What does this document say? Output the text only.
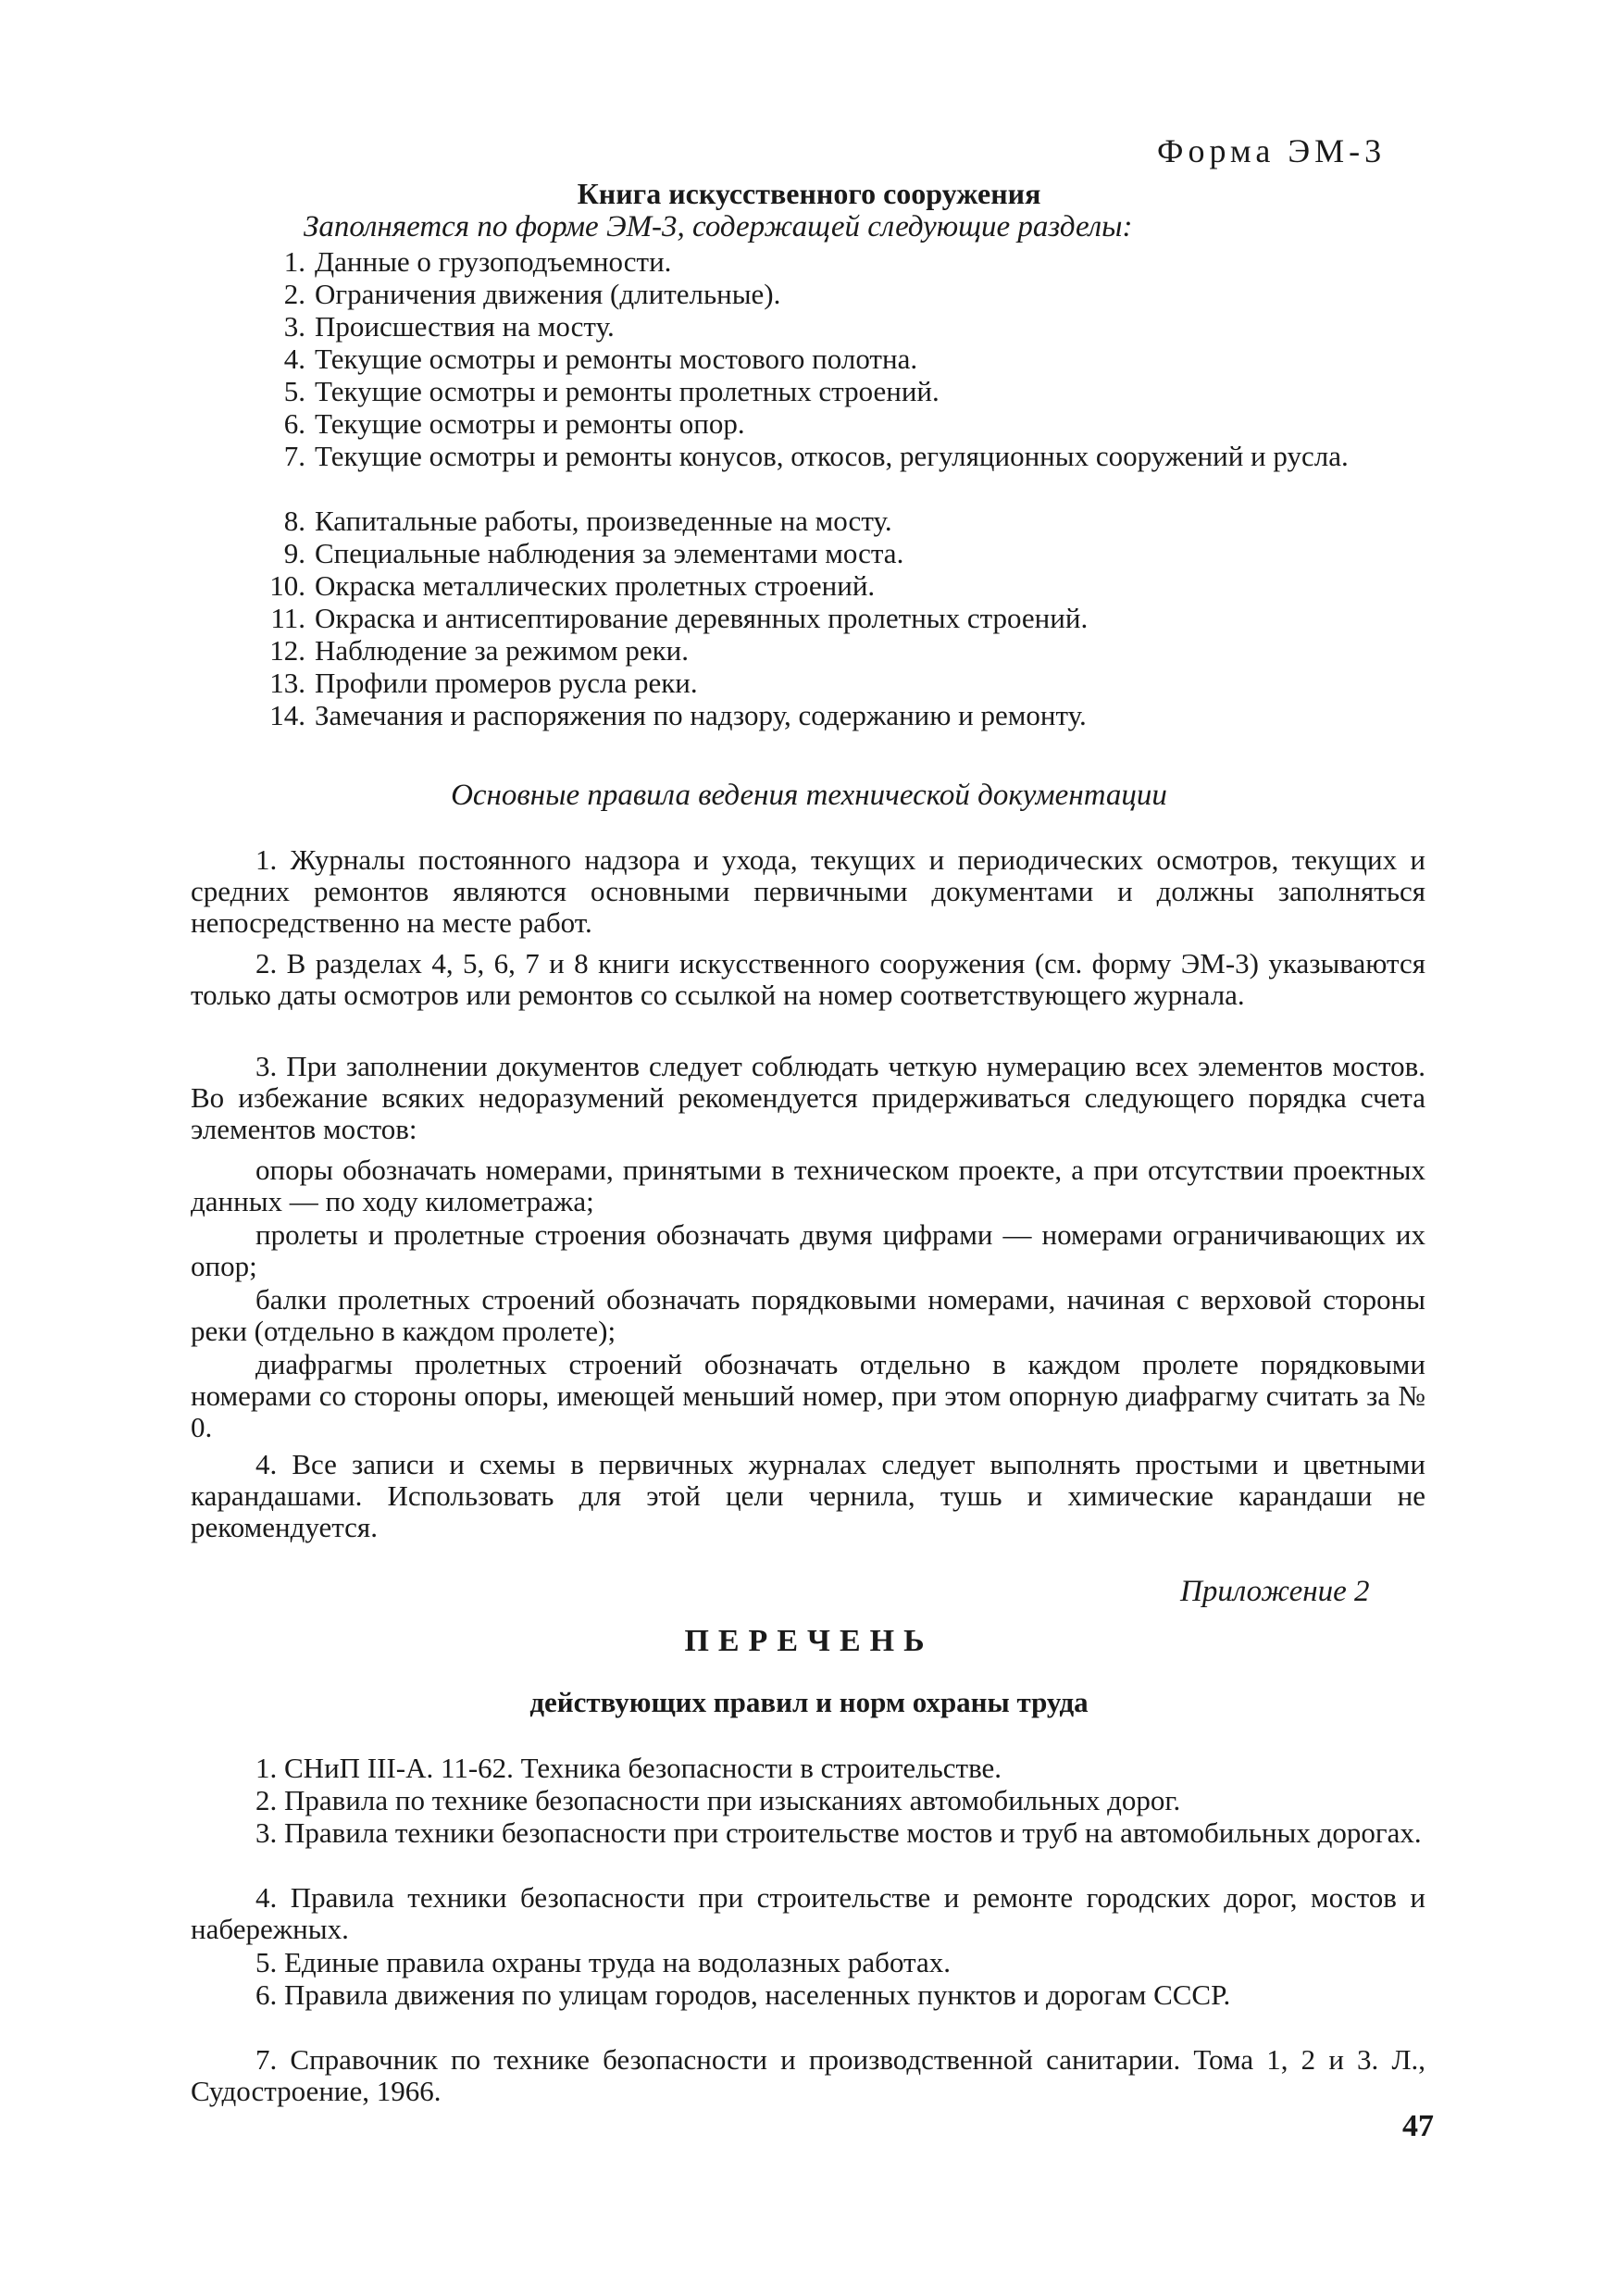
Форма ЭМ-3
Книга искусственного сооружения
Заполняется по форме ЭМ-3, содержащей следующие разделы:
1. Данные о грузоподъемности.
2. Ограничения движения (длительные).
3. Происшествия на мосту.
4. Текущие осмотры и ремонты мостового полотна.
5. Текущие осмотры и ремонты пролетных строений.
6. Текущие осмотры и ремонты опор.
7. Текущие осмотры и ремонты конусов, откосов, регуляционных сооружений и русла.
8. Капитальные работы, произведенные на мосту.
9. Специальные наблюдения за элементами моста.
10. Окраска металлических пролетных строений.
11. Окраска и антисептирование деревянных пролетных строений.
12. Наблюдение за режимом реки.
13. Профили промеров русла реки.
14. Замечания и распоряжения по надзору, содержанию и ремонту.
Основные правила ведения технической документации
1. Журналы постоянного надзора и ухода, текущих и периодических осмотров, текущих и средних ремонтов являются основными первичными документами и должны заполняться непосредственно на месте работ.
2. В разделах 4, 5, 6, 7 и 8 книги искусственного сооружения (см. форму ЭМ-3) указываются только даты осмотров или ремонтов со ссылкой на номер соответствующего журнала.
3. При заполнении документов следует соблюдать четкую нумерацию всех элементов мостов. Во избежание всяких недоразумений рекомендуется придерживаться следующего порядка счета элементов мостов:
опоры обозначать номерами, принятыми в техническом проекте, а при отсутствии проектных данных — по ходу километража;
пролеты и пролетные строения обозначать двумя цифрами — номерами ограничивающих их опор;
балки пролетных строений обозначать порядковыми номерами, начиная с верховой стороны реки (отдельно в каждом пролете);
диафрагмы пролетных строений обозначать отдельно в каждом пролете порядковыми номерами со стороны опоры, имеющей меньший номер, при этом опорную диафрагму считать за № 0.
4. Все записи и схемы в первичных журналах следует выполнять простыми и цветными карандашами. Использовать для этой цели чернила, тушь и химические карандаши не рекомендуется.
Приложение 2
ПЕРЕЧЕНЬ
действующих правил и норм охраны труда
1. СНиП III-А. 11-62. Техника безопасности в строительстве.
2. Правила по технике безопасности при изысканиях автомобильных дорог.
3. Правила техники безопасности при строительстве мостов и труб на автомобильных дорогах.
4. Правила техники безопасности при строительстве и ремонте городских дорог, мостов и набережных.
5. Единые правила охраны труда на водолазных работах.
6. Правила движения по улицам городов, населенных пунктов и дорогам СССР.
7. Справочник по технике безопасности и производственной санитарии. Тома 1, 2 и 3. Л., Судостроение, 1966.
47
